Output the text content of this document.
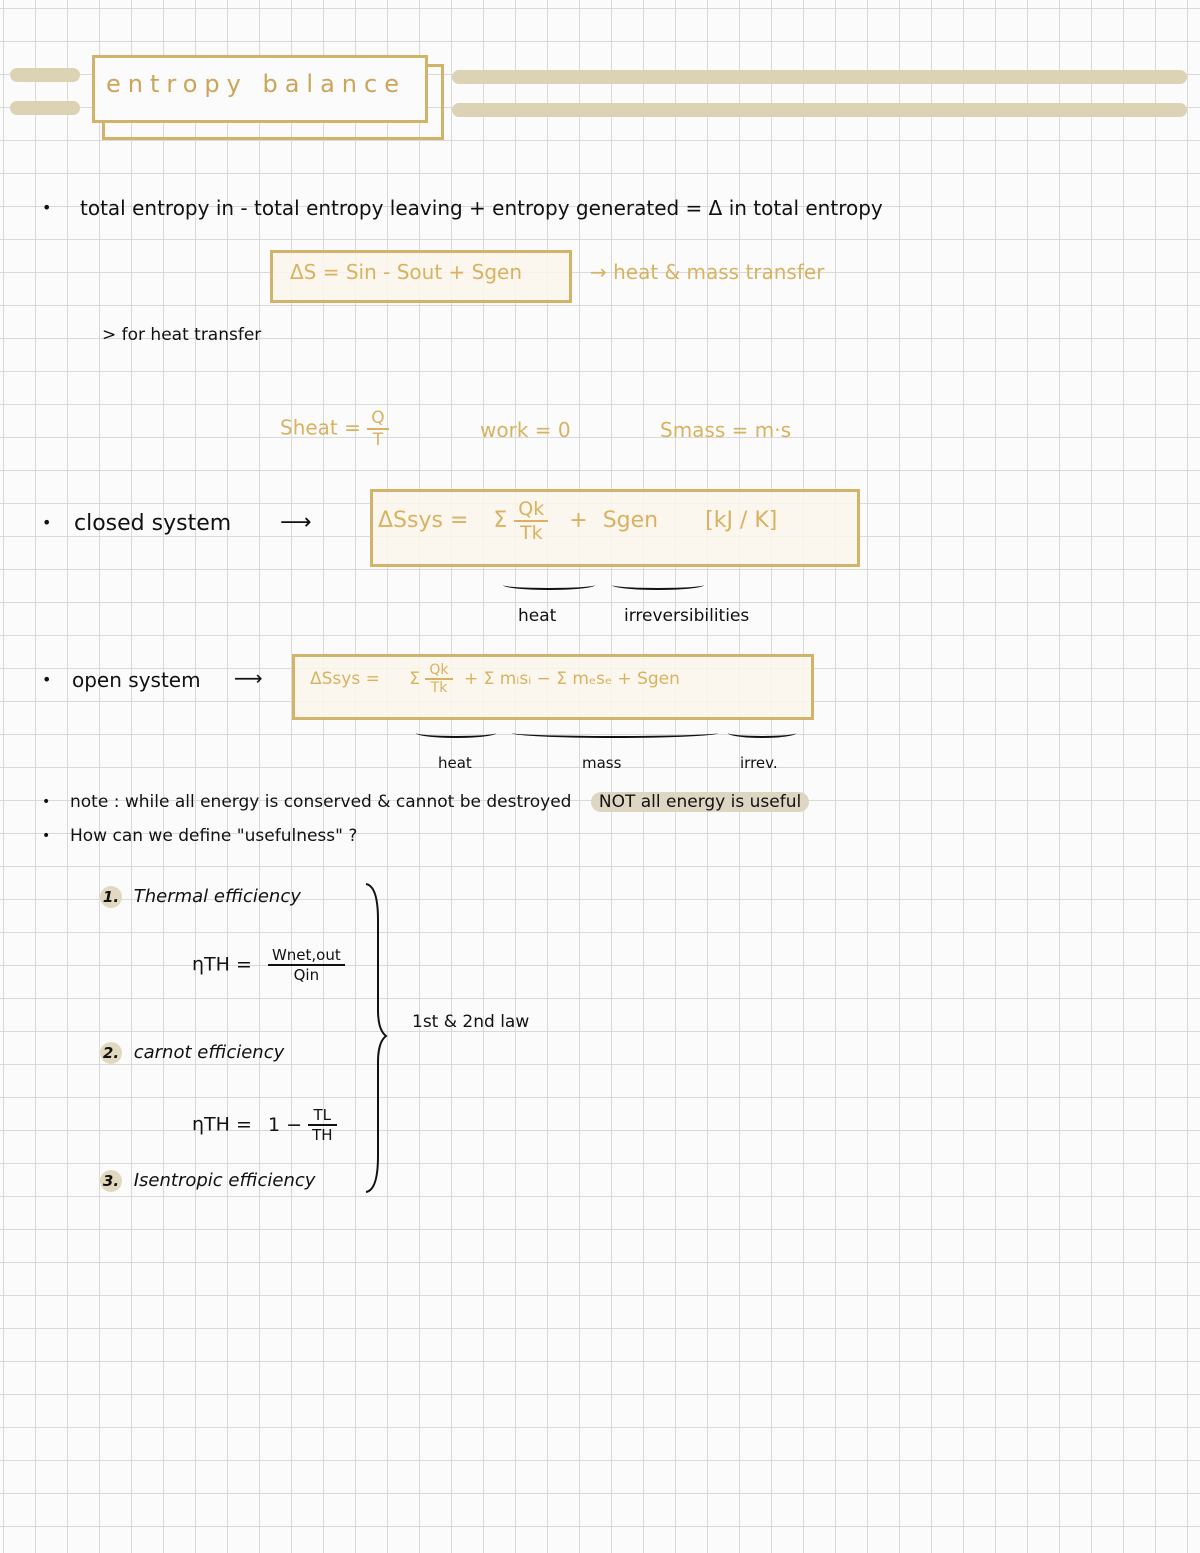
entropy balance
• total entropy in - total entropy leaving + entropy generated = Δ in total entropy
ΔS = Sin - Sout + Sgen	→ heat & mass transfer
> for heat transfer
Sheat = $\frac{Q}{T}$	work = 0	Smass = m·s
• closed system ⟶	ΔSsys = Σ $\frac{Qk}{Tk}$ + Sgen [kJ / K]
heat	irreversibilities
• open system ⟶	ΔSsys = Σ $\frac{Qk}{Tk} + \Sigma$ mᵢsᵢ − Σ mₑsₑ + Sgen
heat	mass	irrev.
• note : while all energy is conserved & cannot be destroyed NOT all energy is useful
• How can we define "usefulness" ?
1. Thermal efficiency
$\eta TH = \frac{\text{Wnet,out}}{\text{Qin}}$
2. carnot efficiency
$\eta TH = 1 - \frac{TL}{TH}$
3. Isentropic efficiency
1st & 2nd law
